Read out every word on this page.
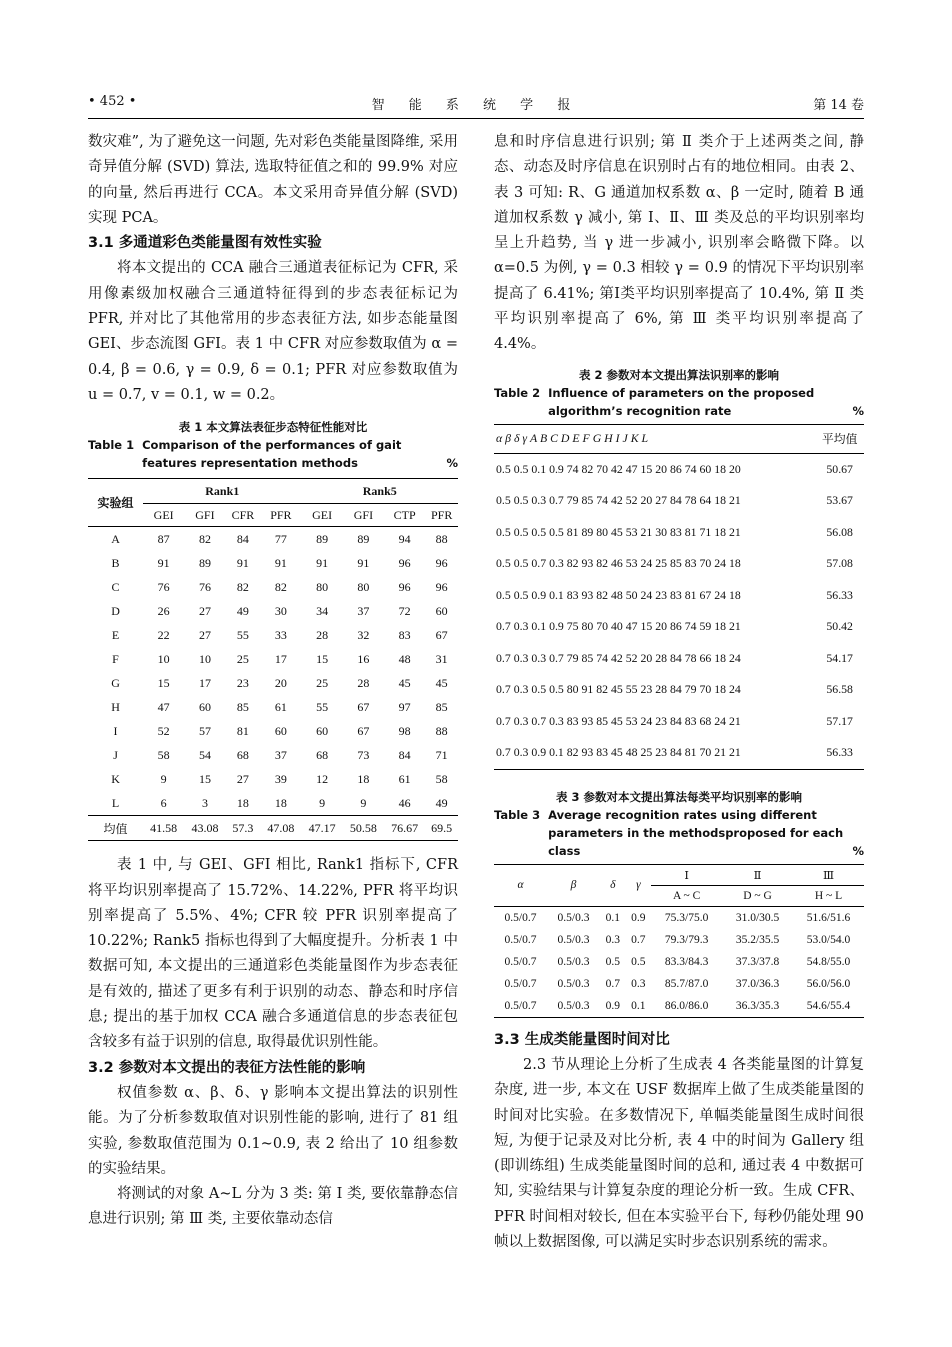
• 452 •	智 能 系 统 学 报	第 14 卷

数灾难”, 为了避免这一问题, 先对彩色类能量图降维, 采用奇异值分解 (SVD) 算法, 选取特征值之和的 99.9% 对应的向量, 然后再进行 CCA。本文采用奇异值分解 (SVD) 实现 PCA。

3.1 多通道彩色类能量图有效性实验

将本文提出的 CCA 融合三通道表征标记为 CFR, 采用像素级加权融合三通道特征得到的步态表征标记为 PFR, 并对比了其他常用的步态表征方法, 如步态能量图 GEI、步态流图 GFI。表 1 中 CFR 对应参数取值为 α = 0.4, β = 0.6, γ = 0.9, δ = 0.1; PFR 对应参数取值为 u = 0.7, v = 0.1, w = 0.2。

表 1 本文算法表征步态特征性能对比
Table 1 Comparison of the performances of gait features representation methods	%
实验组	Rank1				Rank5			
	GEI	GFI	CFR	PFR	GEI	GFI	CTP	PFR
A	87	82	84	77	89	89	94	88
B	91	89	91	91	91	91	96	96
C	76	76	82	82	80	80	96	96
D	26	27	49	30	34	37	72	60
E	22	27	55	33	28	32	83	67
F	10	10	25	17	15	16	48	31
G	15	17	23	20	25	28	45	45
H	47	60	85	61	55	67	97	85
I	52	57	81	60	60	67	98	88
J	58	54	68	37	68	73	84	71
K	9	15	27	39	12	18	61	58
L	6	3	18	18	9	9	46	49
均值	41.58	43.08	57.3	47.08	47.17	50.58	76.67	69.5

表 1 中, 与 GEI、GFI 相比, Rank1 指标下, CFR 将平均识别率提高了 15.72%、14.22%, PFR 将平均识别率提高了 5.5%、4%; CFR 较 PFR 识别率提高了 10.22%; Rank5 指标也得到了大幅度提升。分析表 1 中数据可知, 本文提出的三通道彩色类能量图作为步态表征是有效的, 描述了更多有利于识别的动态、静态和时序信息; 提出的基于加权 CCA 融合多通道信息的步态表征包含较多有益于识别的信息, 取得最优识别性能。

3.2 参数对本文提出的表征方法性能的影响

权值参数 α、β、δ、γ 影响本文提出算法的识别性能。为了分析参数取值对识别性能的影响, 进行了 81 组实验, 参数取值范围为 0.1~0.9, 表 2 给出了 10 组参数的实验结果。

将测试的对象 A~L 分为 3 类: 第 Ⅰ 类, 要依靠静态信息进行识别; 第 Ⅲ 类, 主要依靠动态信

息和时序信息进行识别; 第 Ⅱ 类介于上述两类之间, 静态、动态及时序信息在识别时占有的地位相同。由表 2、表 3 可知: R、G 通道加权系数 α、β 一定时, 随着 B 通道加权系数 γ 减小, 第 Ⅰ、Ⅱ、Ⅲ 类及总的平均识别率均呈上升趋势, 当 γ 进一步减小, 识别率会略微下降。以 α=0.5 为例, γ = 0.3 相较 γ = 0.9 的情况下平均识别率提高了 6.41%; 第Ⅰ类平均识别率提高了 10.4%, 第 Ⅱ 类平均识别率提高了 6%, 第 Ⅲ 类平均识别率提高了 4.4%。

表 2 参数对本文提出算法识别率的影响
Table 2 Influence of parameters on the proposed algorithm’s recognition rate	%
α β δ γ A B C D E F G H I J K L	平均值
0.5 0.5 0.1 0.9 74 82 70 42 47 15 20 86 74 60 18 20	50.67
0.5 0.5 0.3 0.7 79 85 74 42 52 20 27 84 78 64 18 21	53.67
0.5 0.5 0.5 0.5 81 89 80 45 53 21 30 83 81 71 18 21	56.08
0.5 0.5 0.7 0.3 82 93 82 46 53 24 25 85 83 70 24 18	57.08
0.5 0.5 0.9 0.1 83 93 82 48 50 24 23 83 81 67 24 18	56.33
0.7 0.3 0.1 0.9 75 80 70 40 47 15 20 86 74 59 18 21	50.42
0.7 0.3 0.3 0.7 79 85 74 42 52 20 28 84 78 66 18 24	54.17
0.7 0.3 0.5 0.5 80 91 82 45 55 23 28 84 79 70 18 24	56.58
0.7 0.3 0.7 0.3 83 93 85 45 53 24 23 84 83 68 24 21	57.17
0.7 0.3 0.9 0.1 82 93 83 45 48 25 23 84 81 70 21 21	56.33
表 3 参数对本文提出算法每类平均识别率的影响
Table 3 Average recognition rates using different parameters in the methodsproposed for each class	%
α	β	δ	γ	Ⅰ	Ⅱ	Ⅲ
				A ~ C	D ~ G	H ~ L
0.5/0.7	0.5/0.3	0.1	0.9	75.3/75.0	31.0/30.5	51.6/51.6
0.5/0.7	0.5/0.3	0.3	0.7	79.3/79.3	35.2/35.5	53.0/54.0
0.5/0.7	0.5/0.3	0.5	0.5	83.3/84.3	37.3/37.8	54.8/55.0
0.5/0.7	0.5/0.3	0.7	0.3	85.7/87.0	37.0/36.3	56.0/56.0
0.5/0.7	0.5/0.3	0.9	0.1	86.0/86.0	36.3/35.3	54.6/55.4
3.3 生成类能量图时间对比

2.3 节从理论上分析了生成表 4 各类能量图的计算复杂度, 进一步, 本文在 USF 数据库上做了生成类能量图的时间对比实验。在多数情况下, 单幅类能量图生成时间很短, 为便于记录及对比分析, 表 4 中的时间为 Gallery 组 (即训练组) 生成类能量图时间的总和, 通过表 4 中数据可知, 实验结果与计算复杂度的理论分析一致。生成 CFR、PFR 时间相对较长, 但在本实验平台下, 每秒仍能处理 90 帧以上数据图像, 可以满足实时步态识别系统的需求。
